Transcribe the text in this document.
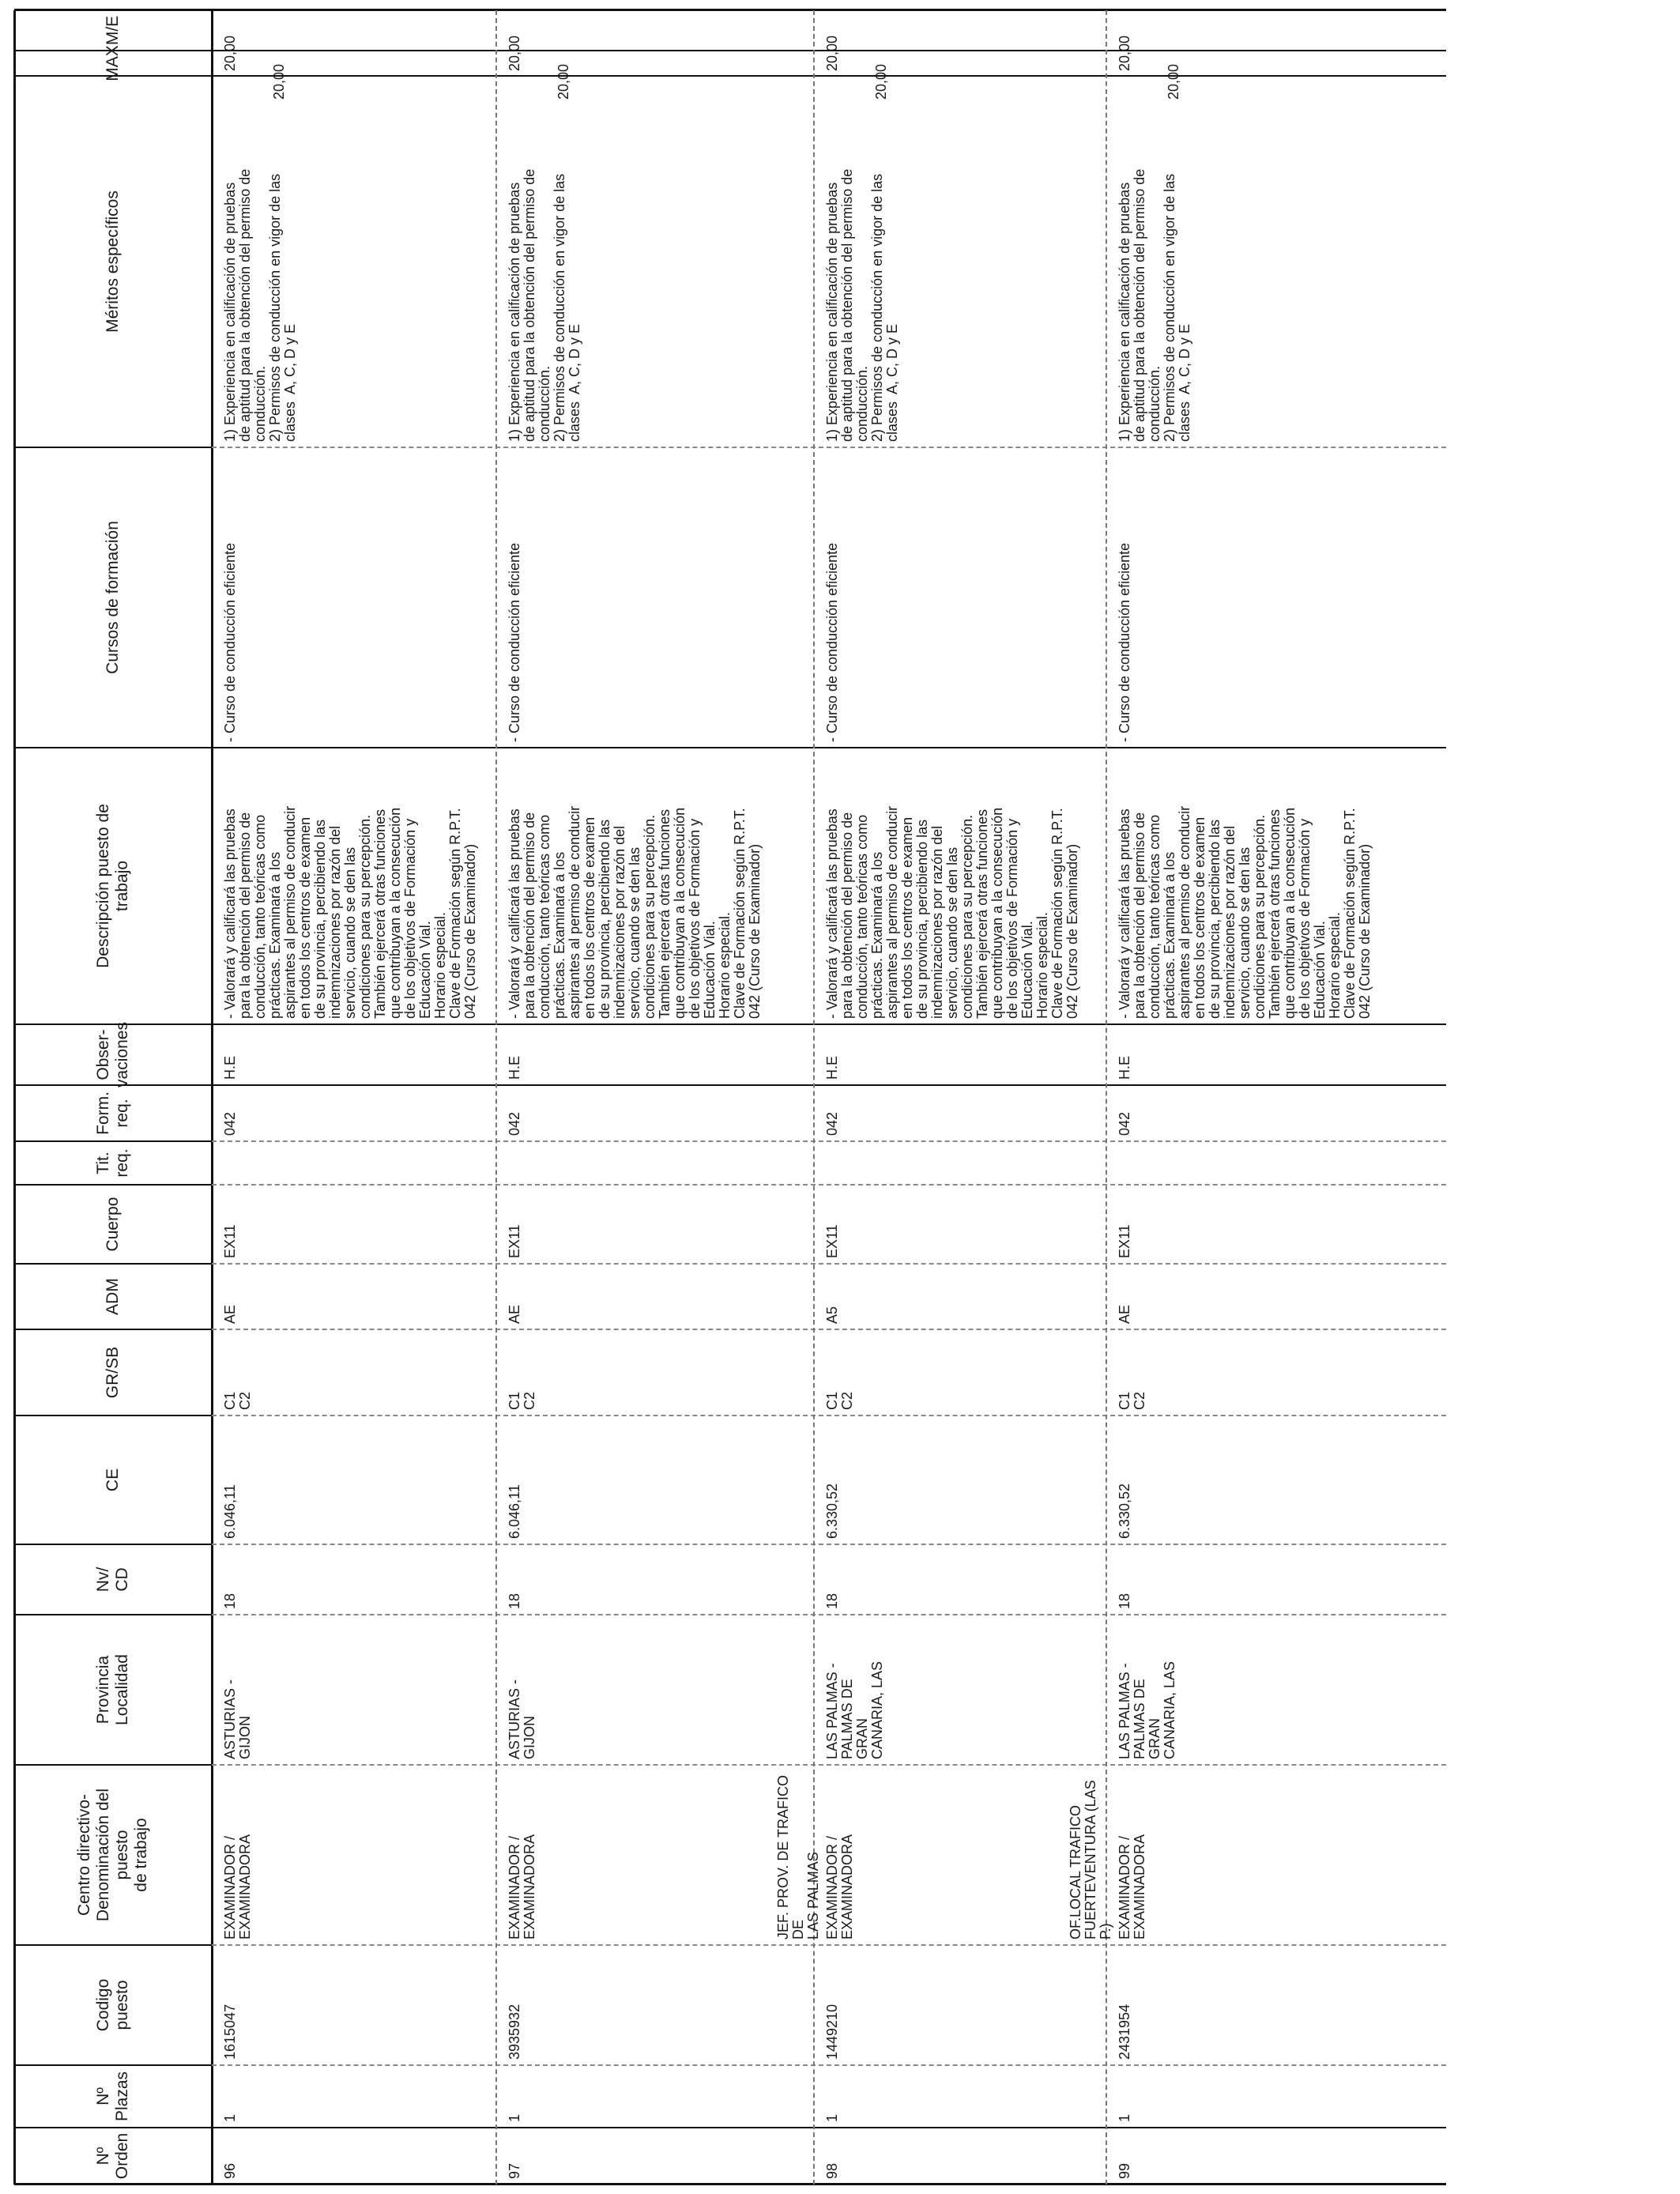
Nº
Orden
Nº
Plazas
Codigo
puesto
Centro directivo-
Denominación del puesto
de trabajo
Provincia
Localidad
Nv/
CD
CE
GR/SB
ADM
Cuerpo
Tit.
req.
Form.
req.
Obser-
vaciones
Descripción puesto de
trabajo
Cursos de formación
Méritos específicos
MAX
M/E
96
1
1615047
ASTURIAS -
GIJON
18
6.046,11
C1
C2
AE
EX11
042
H.E
- Valorará y calificará las pruebas
para la obtención del permiso de
conducción, tanto teóricas como
prácticas. Examinará a los
aspirantes al permiso de conducir
en todos los centros de examen
de su provincia, percibiendo las
indemnizaciones por razón del
servicio, cuando se den las
condiciones para su percepción.
También ejercerá otras funciones
que contribuyan a la consecución
de los objetivos de Formación y
Educación Vial.
Horario especial.
Clave de Formación según R.P.T.
042 (Curso de Examinador)
- Curso de conducción eficiente
1) Experiencia en calificación de pruebas
de aptitud para la obtención del permiso de
conducción.
2) Permisos de conducción en vigor de las
clases  A, C, D y E
EXAMINADOR /
EXAMINADORA
20,00
20,00
97
1
3935932
ASTURIAS -
GIJON
18
6.046,11
C1
C2
AE
EX11
042
H.E
- Valorará y calificará las pruebas
para la obtención del permiso de
conducción, tanto teóricas como
prácticas. Examinará a los
aspirantes al permiso de conducir
en todos los centros de examen
de su provincia, percibiendo las
indemnizaciones por razón del
servicio, cuando se den las
condiciones para su percepción.
También ejercerá otras funciones
que contribuyan a la consecución
de los objetivos de Formación y
Educación Vial.
Horario especial.
Clave de Formación según R.P.T.
042 (Curso de Examinador)
- Curso de conducción eficiente
1) Experiencia en calificación de pruebas
de aptitud para la obtención del permiso de
conducción.
2) Permisos de conducción en vigor de las
clases  A, C, D y E
EXAMINADOR /
EXAMINADORA
20,00
20,00
98
1
1449210
LAS PALMAS -
PALMAS DE
GRAN
CANARIA, LAS
18
6.330,52
C1
C2
A5
EX11
042
H.E
- Valorará y calificará las pruebas
para la obtención del permiso de
conducción, tanto teóricas como
prácticas. Examinará a los
aspirantes al permiso de conducir
en todos los centros de examen
de su provincia, percibiendo las
indemnizaciones por razón del
servicio, cuando se den las
condiciones para su percepción.
También ejercerá otras funciones
que contribuyan a la consecución
de los objetivos de Formación y
Educación Vial.
Horario especial.
Clave de Formación según R.P.T.
042 (Curso de Examinador)
- Curso de conducción eficiente
1) Experiencia en calificación de pruebas
de aptitud para la obtención del permiso de
conducción.
2) Permisos de conducción en vigor de las
clases  A, C, D y E
EXAMINADOR /
EXAMINADORA
JEF. PROV. DE TRAFICO DE
LAS PALMAS
20,00
20,00
99
1
2431954
LAS PALMAS -
PALMAS DE
GRAN
CANARIA, LAS
18
6.330,52
C1
C2
AE
EX11
042
H.E
- Valorará y calificará las pruebas
para la obtención del permiso de
conducción, tanto teóricas como
prácticas. Examinará a los
aspirantes al permiso de conducir
en todos los centros de examen
de su provincia, percibiendo las
indemnizaciones por razón del
servicio, cuando se den las
condiciones para su percepción.
También ejercerá otras funciones
que contribuyan a la consecución
de los objetivos de Formación y
Educación Vial.
Horario especial.
Clave de Formación según R.P.T.
042 (Curso de Examinador)
- Curso de conducción eficiente
1) Experiencia en calificación de pruebas
de aptitud para la obtención del permiso de
conducción.
2) Permisos de conducción en vigor de las
clases  A, C, D y E
EXAMINADOR /
EXAMINADORA
OF.LOCAL TRAFICO
FUERTEVENTURA (LAS P.)
20,00
20,00
